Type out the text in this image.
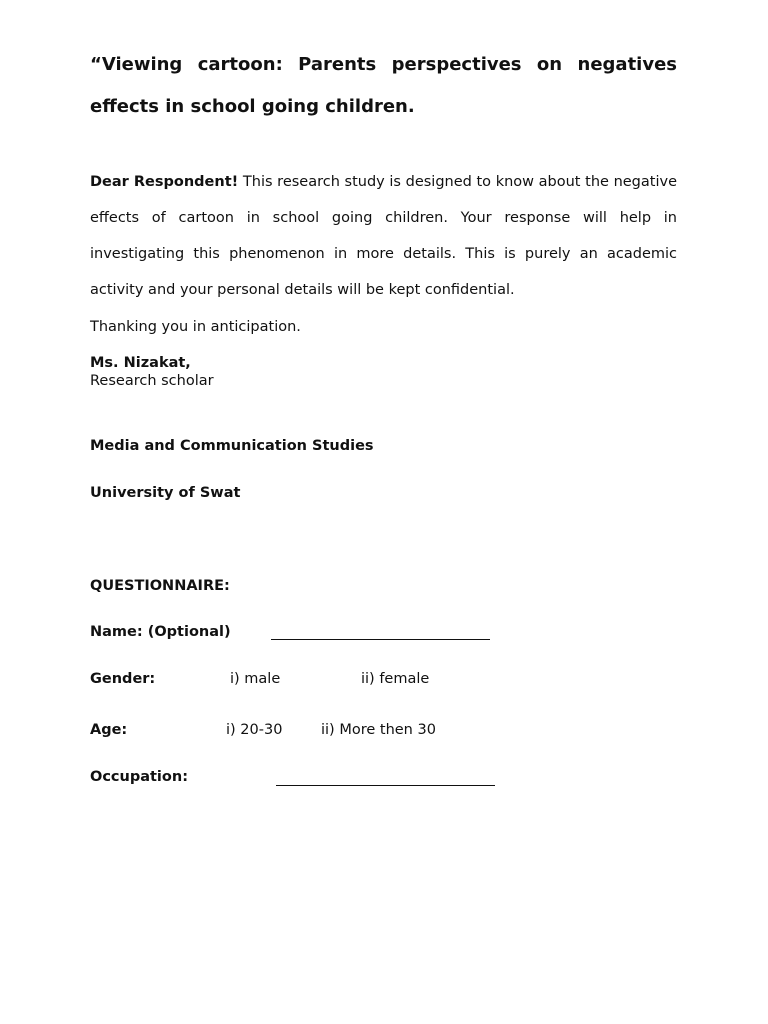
“Viewing cartoon: Parents perspectives on negatives effects in school going children.

Dear Respondent! This research study is designed to know about the negative effects of cartoon in school going children. Your response will help in investigating this phenomenon in more details. This is purely an academic activity and your personal details will be kept confidential.

Thanking you in anticipation.
Ms. Nizakat,
Research scholar
Media and Communication Studies
University of Swat
QUESTIONNAIRE:
Name: (Optional)
Gender:	i) male	ii) female
Age:	i) 20-30	ii) More then 30
Occupation:
